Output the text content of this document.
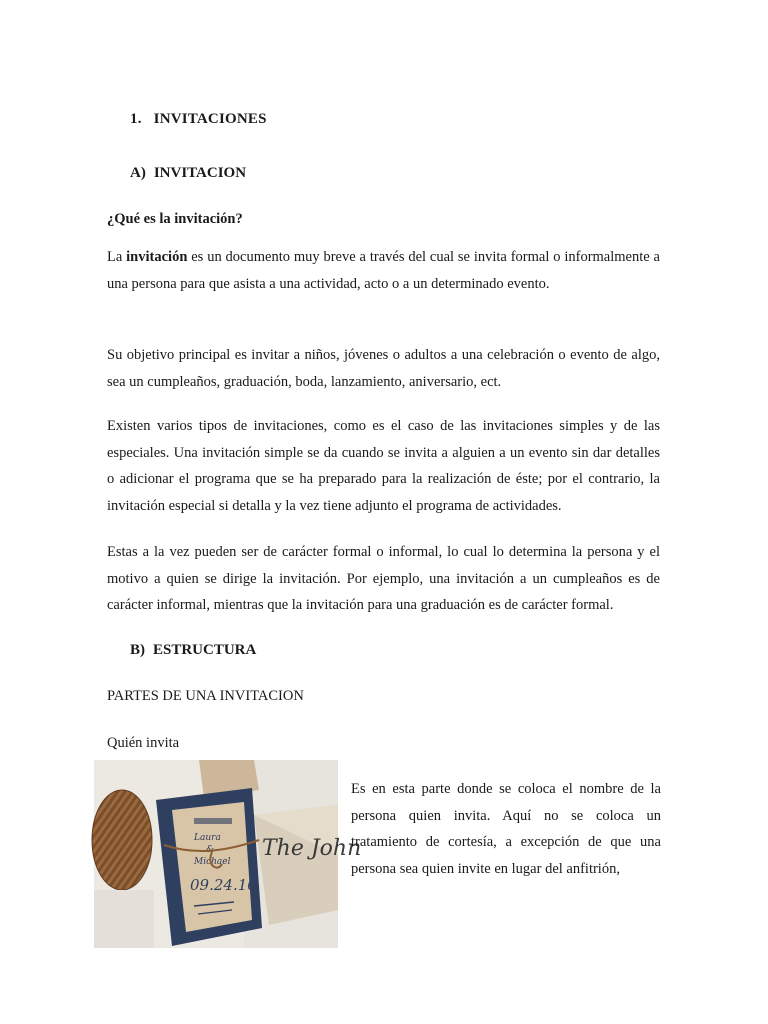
1. INVITACIONES
A) INVITACION
¿Qué es la invitación?
La invitación es un documento muy breve a través del cual se invita formal o informalmente a una persona para que asista a una actividad, acto o a un determinado evento.
Su objetivo principal es invitar a niños, jóvenes o adultos a una celebración o evento de algo, sea un cumpleaños, graduación, boda, lanzamiento, aniversario, ect.
Existen varios tipos de invitaciones, como es el caso de las invitaciones simples y de las especiales. Una invitación simple se da cuando se invita a alguien a un evento sin dar detalles o adicionar el programa que se ha preparado para la realización de éste; por el contrario, la invitación especial si detalla y la vez tiene adjunto el programa de actividades.
Estas a la vez pueden ser de carácter formal o informal, lo cual lo determina la persona y el motivo a quien se dirige la invitación. Por ejemplo, una invitación a un cumpleaños es de carácter informal, mientras que la invitación para una graduación es de carácter formal.
B) ESTRUCTURA
PARTES DE UNA INVITACION
Quién invita
The John
Laura
&
Michael
09.24.16
Es en esta parte donde se coloca el nombre de la persona quien invita. Aquí no se coloca un tratamiento de cortesía, a excepción de que una persona sea quien invite en lugar del anfitrión,
